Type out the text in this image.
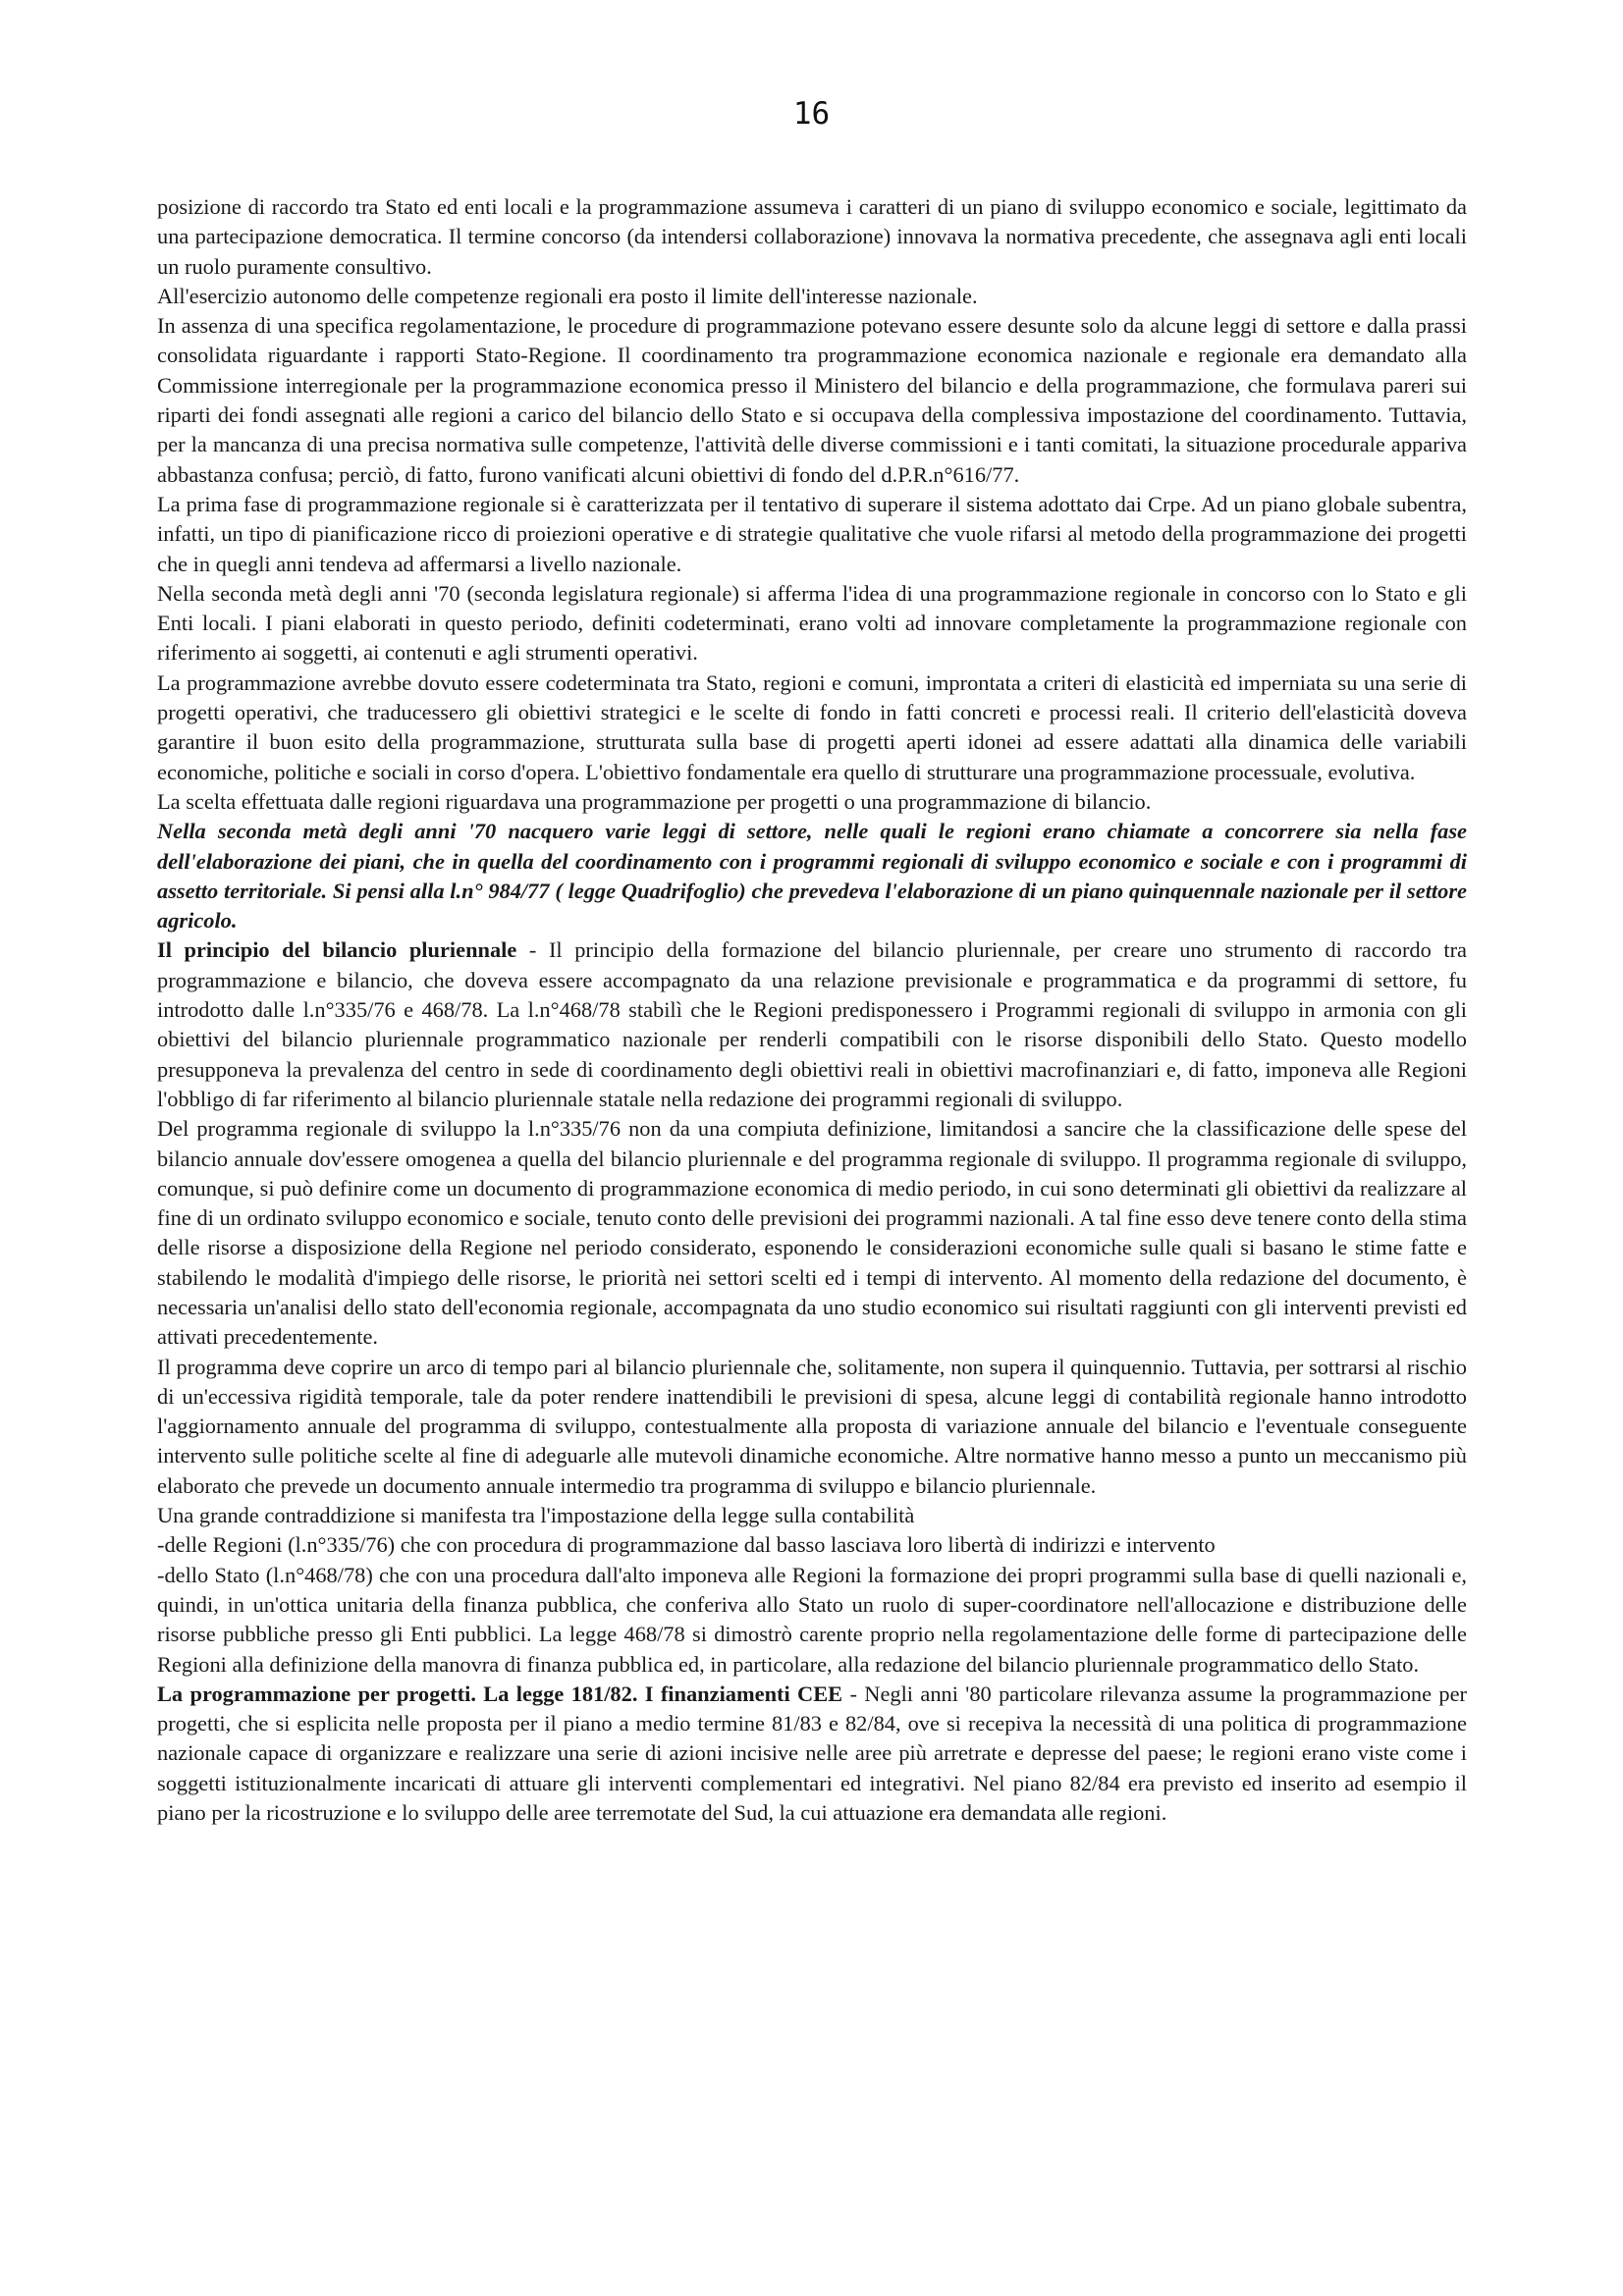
16

posizione di raccordo tra Stato ed enti locali e la programmazione assumeva i caratteri di un piano di sviluppo economico e sociale, legittimato da una partecipazione democratica. Il termine concorso (da intendersi collaborazione) innovava la normativa precedente, che assegnava agli enti locali un ruolo puramente consultivo.

All'esercizio autonomo delle competenze regionali era posto il limite dell'interesse nazionale.

In assenza di una specifica regolamentazione, le procedure di programmazione potevano essere desunte solo da alcune leggi di settore e dalla prassi consolidata riguardante i rapporti Stato-Regione. Il coordinamento tra programmazione economica nazionale e regionale era demandato alla Commissione interregionale per la programmazione economica presso il Ministero del bilancio e della programmazione, che formulava pareri sui riparti dei fondi assegnati alle regioni a carico del bilancio dello Stato e si occupava della complessiva impostazione del coordinamento. Tuttavia, per la mancanza di una precisa normativa sulle competenze, l'attività delle diverse commissioni e i tanti comitati, la situazione procedurale appariva abbastanza confusa; perciò, di fatto, furono vanificati alcuni obiettivi di fondo del d.P.R.n°616/77.

La prima fase di programmazione regionale si è caratterizzata per il tentativo di superare il sistema adottato dai Crpe. Ad un piano globale subentra, infatti, un tipo di pianificazione ricco di proiezioni operative e di strategie qualitative che vuole rifarsi al metodo della programmazione dei progetti che in quegli anni tendeva ad affermarsi a livello nazionale.

Nella seconda metà degli anni '70 (seconda legislatura regionale) si afferma l'idea di una programmazione regionale in concorso con lo Stato e gli Enti locali. I piani elaborati in questo periodo, definiti codeterminati, erano volti ad innovare completamente la programmazione regionale con riferimento ai soggetti, ai contenuti e agli strumenti operativi.

La programmazione avrebbe dovuto essere codeterminata tra Stato, regioni e comuni, improntata a criteri di elasticità ed imperniata su una serie di progetti operativi, che traducessero gli obiettivi strategici e le scelte di fondo in fatti concreti e processi reali. Il criterio dell'elasticità doveva garantire il buon esito della programmazione, strutturata sulla base di progetti aperti idonei ad essere adattati alla dinamica delle variabili economiche, politiche e sociali in corso d'opera. L'obiettivo fondamentale era quello di strutturare una programmazione processuale, evolutiva.

La scelta effettuata dalle regioni riguardava una programmazione per progetti o una programmazione di bilancio.

Nella seconda metà degli anni '70 nacquero varie leggi di settore, nelle quali le regioni erano chiamate a concorrere sia nella fase dell'elaborazione dei piani, che in quella del coordinamento con i programmi regionali di sviluppo economico e sociale e con i programmi di assetto territoriale. Si pensi alla l.n° 984/77 ( legge Quadrifoglio) che prevedeva l'elaborazione di un piano quinquennale nazionale per il settore agricolo.

Il principio del bilancio pluriennale - Il principio della formazione del bilancio pluriennale, per creare uno strumento di raccordo tra programmazione e bilancio, che doveva essere accompagnato da una relazione previsionale e programmatica e da programmi di settore, fu introdotto dalle l.n°335/76 e 468/78. La l.n°468/78 stabilì che le Regioni predisponessero i Programmi regionali di sviluppo in armonia con gli obiettivi del bilancio pluriennale programmatico nazionale per renderli compatibili con le risorse disponibili dello Stato. Questo modello presupponeva la prevalenza del centro in sede di coordinamento degli obiettivi reali in obiettivi macrofinanziari e, di fatto, imponeva alle Regioni l'obbligo di far riferimento al bilancio pluriennale statale nella redazione dei programmi regionali di sviluppo.

Del programma regionale di sviluppo la l.n°335/76 non da una compiuta definizione, limitandosi a sancire che la classificazione delle spese del bilancio annuale dov'essere omogenea a quella del bilancio pluriennale e del programma regionale di sviluppo. Il programma regionale di sviluppo, comunque, si può definire come un documento di programmazione economica di medio periodo, in cui sono determinati gli obiettivi da realizzare al fine di un ordinato sviluppo economico e sociale, tenuto conto delle previsioni dei programmi nazionali. A tal fine esso deve tenere conto della stima delle risorse a disposizione della Regione nel periodo considerato, esponendo le considerazioni economiche sulle quali si basano le stime fatte e stabilendo le modalità d'impiego delle risorse, le priorità nei settori scelti ed i tempi di intervento. Al momento della redazione del documento, è necessaria un'analisi dello stato dell'economia regionale, accompagnata da uno studio economico sui risultati raggiunti con gli interventi previsti ed attivati precedentemente.

Il programma deve coprire un arco di tempo pari al bilancio pluriennale che, solitamente, non supera il quinquennio. Tuttavia, per sottrarsi al rischio di un'eccessiva rigidità temporale, tale da poter rendere inattendibili le previsioni di spesa, alcune leggi di contabilità regionale hanno introdotto l'aggiornamento annuale del programma di sviluppo, contestualmente alla proposta di variazione annuale del bilancio e l'eventuale conseguente intervento sulle politiche scelte al fine di adeguarle alle mutevoli dinamiche economiche. Altre normative hanno messo a punto un meccanismo più elaborato che prevede un documento annuale intermedio tra programma di sviluppo e bilancio pluriennale.

Una grande contraddizione si manifesta tra l'impostazione della legge sulla contabilità

-delle Regioni (l.n°335/76) che con procedura di programmazione dal basso lasciava loro libertà di indirizzi e intervento

-dello Stato (l.n°468/78) che con una procedura dall'alto imponeva alle Regioni la formazione dei propri programmi sulla base di quelli nazionali e, quindi, in un'ottica unitaria della finanza pubblica, che conferiva allo Stato un ruolo di super-coordinatore nell'allocazione e distribuzione delle risorse pubbliche presso gli Enti pubblici. La legge 468/78 si dimostrò carente proprio nella regolamentazione delle forme di partecipazione delle Regioni alla definizione della manovra di finanza pubblica ed, in particolare, alla redazione del bilancio pluriennale programmatico dello Stato.

La programmazione per progetti. La legge 181/82. I finanziamenti CEE - Negli anni '80 particolare rilevanza assume la programmazione per progetti, che si esplicita nelle proposta per il piano a medio termine 81/83 e 82/84, ove si recepiva la necessità di una politica di programmazione nazionale capace di organizzare e realizzare una serie di azioni incisive nelle aree più arretrate e depresse del paese; le regioni erano viste come i soggetti istituzionalmente incaricati di attuare gli interventi complementari ed integrativi. Nel piano 82/84 era previsto ed inserito ad esempio il piano per la ricostruzione e lo sviluppo delle aree terremotate del Sud, la cui attuazione era demandata alle regioni.
